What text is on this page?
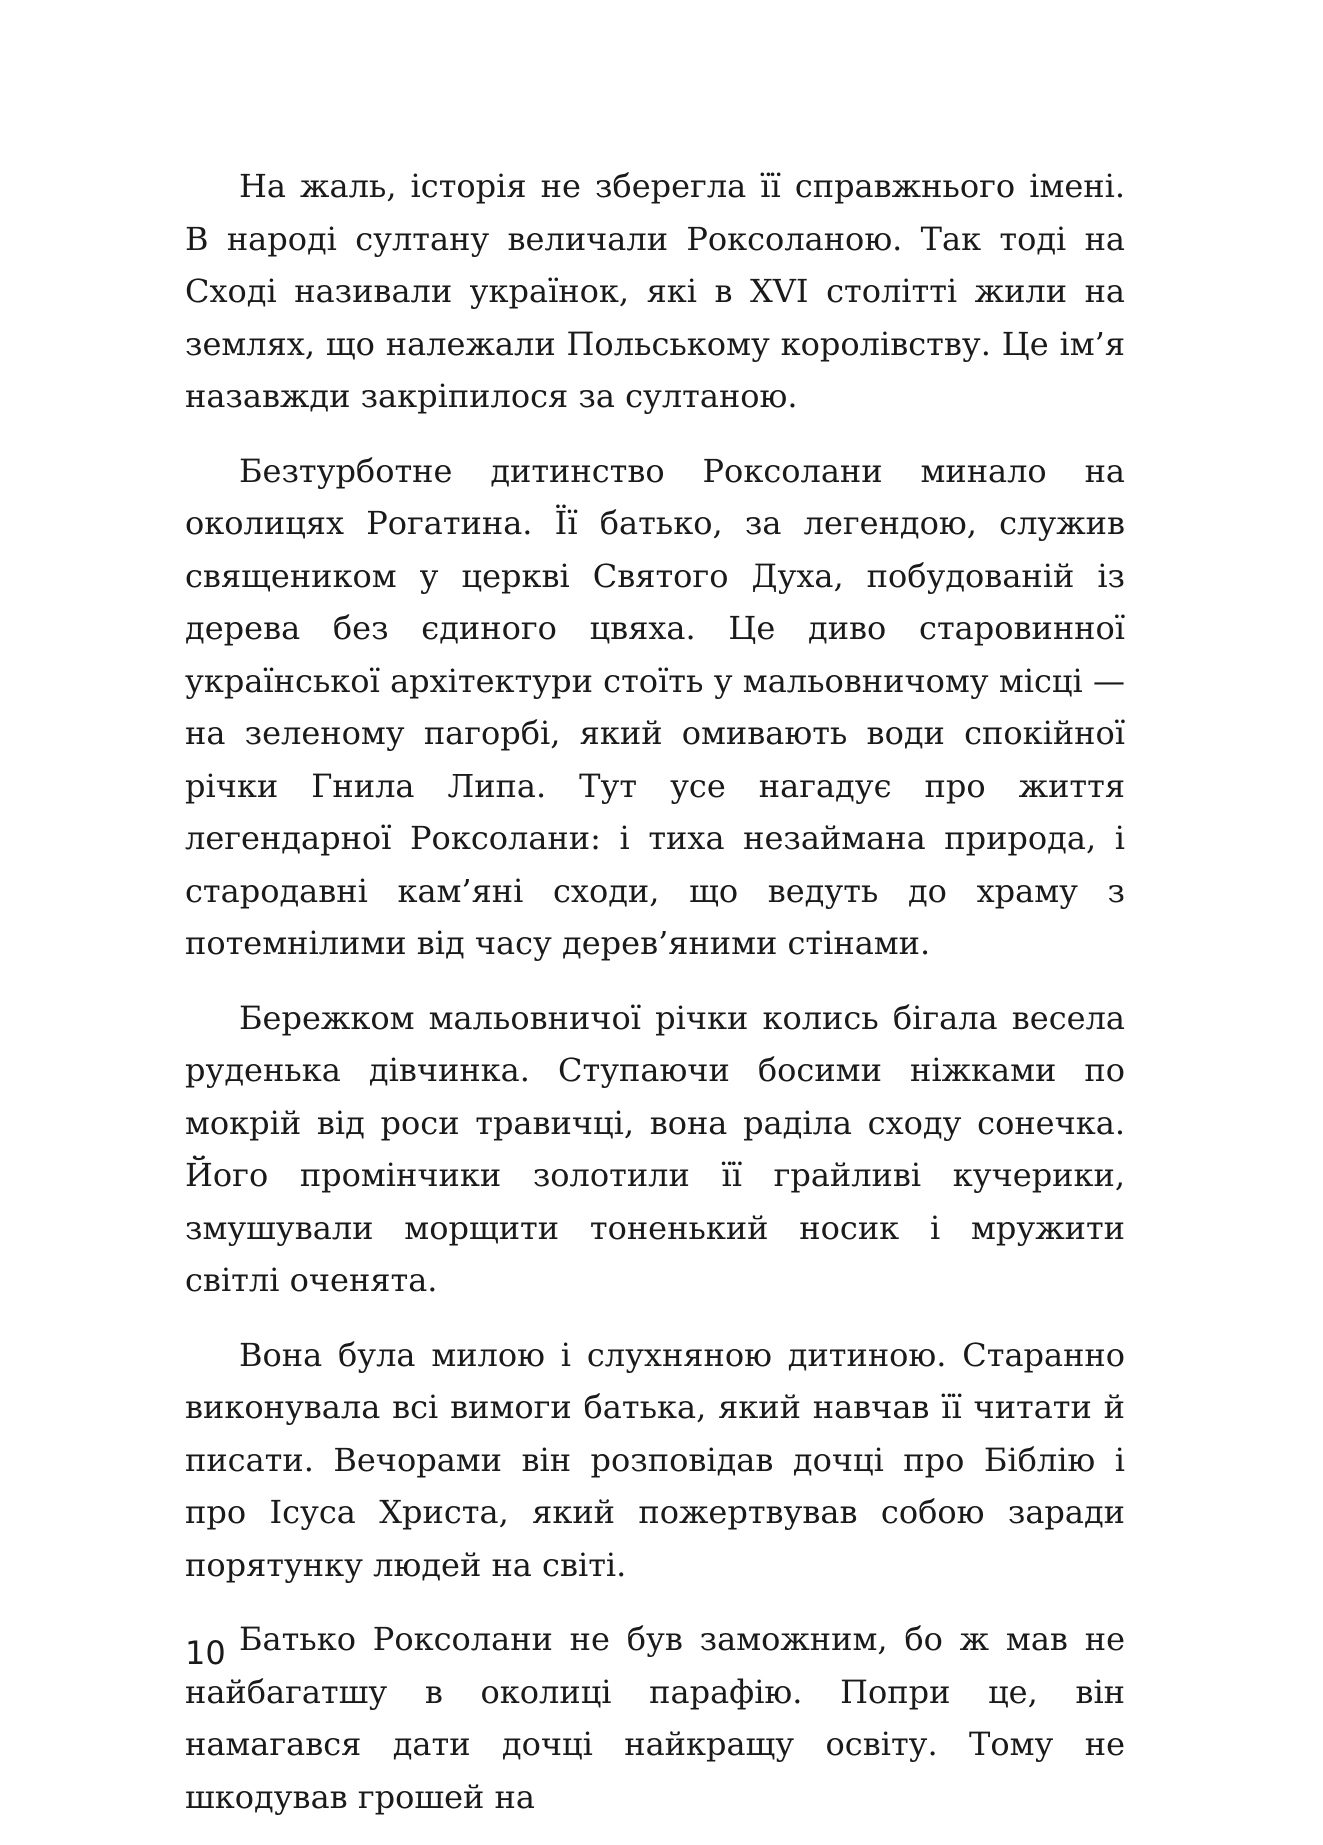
На жаль, історія не зберегла її справжнього імені. В народі султану величали Роксоланою. Так тоді на Сході називали українок, які в XVI столітті жили на землях, що належали Польському королівству. Це ім’я назавжди закріпилося за султаною.

Безтурботне дитинство Роксолани минало на околицях Рогатина. Її батько, за легендою, служив священиком у церкві Святого Духа, побудованій із дерева без єдиного цвяха. Це диво старовинної української архітектури стоїть у мальовничому місці — на зеленому пагорбі, який омивають води спокійної річки Гнила Липа. Тут усе нагадує про життя легендарної Роксолани: і тиха незаймана природа, і стародавні кам’яні сходи, що ведуть до храму з потемнілими від часу дерев’яними стінами.

Бережком мальовничої річки колись бігала весела руденька дівчинка. Ступаючи босими ніжками по мокрій від роси травичці, вона раділа сходу сонечка. Його промінчики золотили її грайливі кучерики, змушували морщити тоненький носик і мружити світлі оченята.

Вона була милою і слухняною дитиною. Старанно виконувала всі вимоги батька, який навчав її читати й писати. Вечорами він розповідав дочці про Біблію і про Ісуса Христа, який пожертвував собою заради порятунку людей на світі.

Батько Роксолани не був заможним, бо ж мав не найбагатшу в околиці парафію. Попри це, він намагався дати дочці найкращу освіту. Тому не шкодував грошей на

10
